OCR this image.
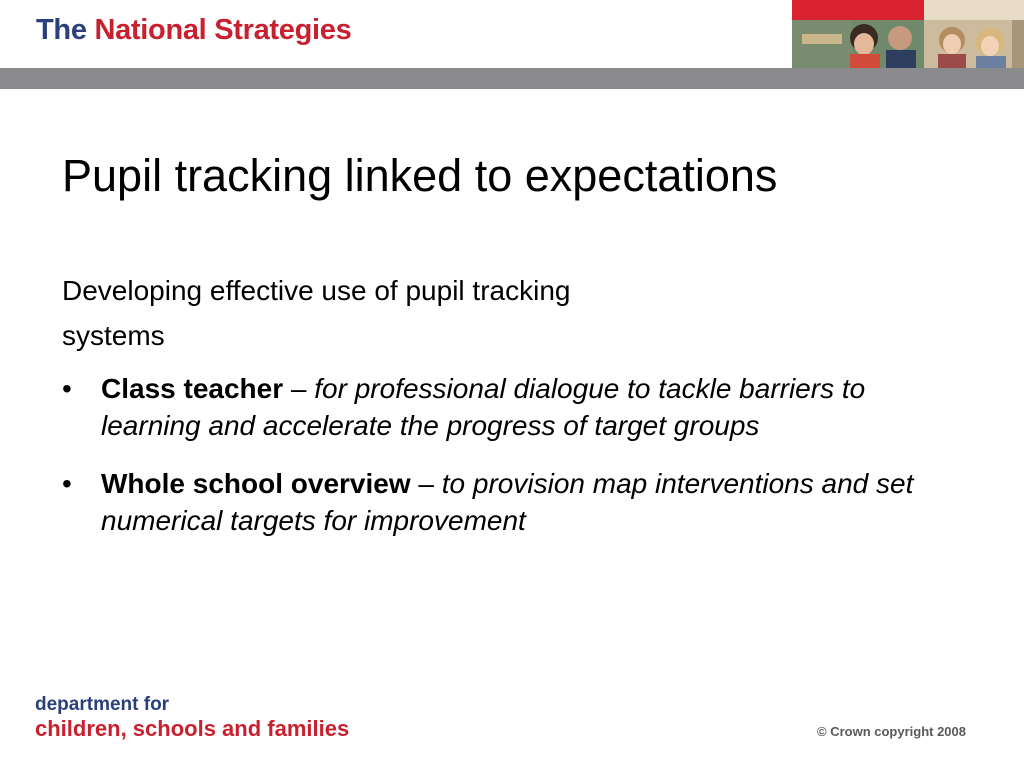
The National Strategies
Pupil tracking linked to expectations
Developing effective use of pupil tracking
systems
• Class teacher – for professional dialogue to tackle barriers to learning and accelerate the progress of target groups
• Whole school overview – to provision map interventions and set numerical targets for improvement
department for
children, schools and families	© Crown copyright 2008
